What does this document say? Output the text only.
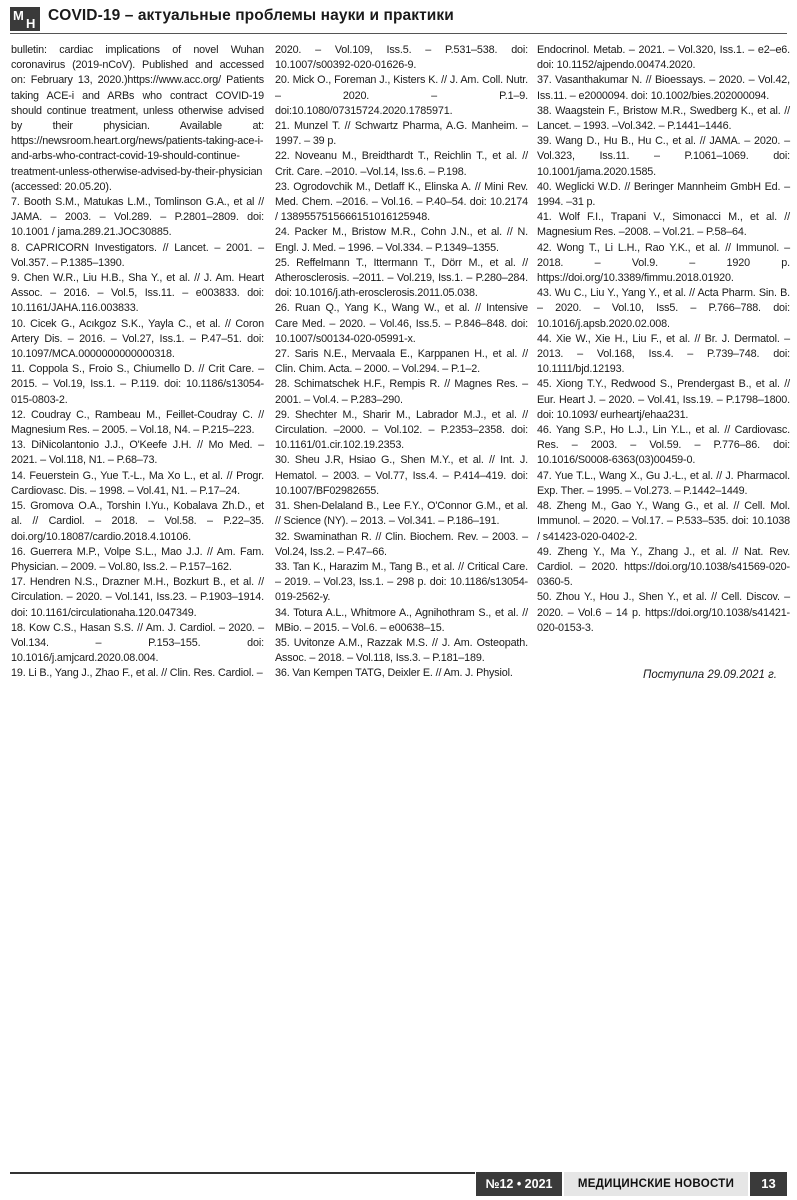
М
Н COVID-19 – актуальные проблемы науки и практики

bulletin: cardiac implications of novel Wuhan coronavirus (2019-nCoV). Published and accessed on: February 13, 2020.)https://www.acc.org/ Patients taking ACE-i and ARBs who contract COVID-19 should continue treatment, unless otherwise advised by their physician. Available at: https://newsroom.heart.org/news/patients-taking-ace-i-and-arbs-who-contract-covid-19-should-continue-treatment-unless-otherwise-advised-by-their-physician (accessed: 20.05.20).

7. Booth S.M., Matukas L.M., Tomlinson G.A., et al // JAMA. – 2003. – Vol.289. – P.2801–2809. doi: 10.1001 / jama.289.21.JOC30885.

8. CAPRICORN Investigators. // Lancet. – 2001. – Vol.357. – P.1385–1390.

9. Chen W.R., Liu H.B., Sha Y., et al. // J. Am. Heart Assoc. – 2016. – Vol.5, Iss.11. – e003833. doi: 10.1161/JAHA.116.003833.

10. Cicek G., Acıkgoz S.K., Yayla C., et al. // Coron Artery Dis. – 2016. – Vol.27, Iss.1. – P.47–51. doi: 10.1097/MCA.0000000000000318.

11. Coppola S., Froio S., Chiumello D. // Crit Care. – 2015. – Vol.19, Iss.1. – P.119. doi: 10.1186/s13054-015-0803-2.

12. Coudray C., Rambeau M., Feillet-Coudray C. // Magnesium Res. – 2005. – Vol.18, N4. – P.215–223.

13. DiNicolantonio J.J., O'Keefe J.H. // Mo Med. – 2021. – Vol.118, N1. – P.68–73.

14. Feuerstein G., Yue T.-L., Ma Xo L., et al. // Progr. Cardiovasc. Dis. – 1998. – Vol.41, N1. – P.17–24.

15. Gromova O.A., Torshin I.Yu., Kobalava Zh.D., et al. // Cardiol. – 2018. – Vol.58. – P.22–35. doi.org/10.18087/cardio.2018.4.10106.

16. Guerrera M.P., Volpe S.L., Mao J.J. // Am. Fam. Physician. – 2009. – Vol.80, Iss.2. – P.157–162.

17. Hendren N.S., Drazner M.H., Bozkurt B., et al. // Circulation. – 2020. – Vol.141, Iss.23. – P.1903–1914. doi: 10.1161/circulationaha.120.047349.

18. Kow C.S., Hasan S.S. // Am. J. Cardiol. – 2020. – Vol.134. – P.153–155. doi: 10.1016/j.amjcard.2020.08.004.

19. Li B., Yang J., Zhao F., et al. // Clin. Res. Cardiol. –

2020. – Vol.109, Iss.5. – P.531–538. doi: 10.1007/s00392-020-01626-9.

20. Mick O., Foreman J., Kisters K. // J. Am. Coll. Nutr. – 2020. – P.1–9. doi:10.1080/07315724.2020.1785971.

21. Munzel T. // Schwartz Pharma, A.G. Manheim. – 1997. – 39 p.

22. Noveanu M., Breidthardt T., Reichlin T., et al. // Crit. Care. –2010. –Vol.14, Iss.6. – P.198.

23. Ogrodovchik M., Detlaff K., Elinska A. // Mini Rev. Med. Chem. –2016. – Vol.16. – P.40–54. doi: 10.2174 / 1389557515666151016125948.

24. Packer M., Bristow M.R., Cohn J.N., et al. // N. Engl. J. Med. – 1996. – Vol.334. – P.1349–1355.

25. Reffelmann T., Ittermann T., Dörr M., et al. // Atherosclerosis. –2011. – Vol.219, Iss.1. – P.280–284. doi: 10.1016/j.ath-erosclerosis.2011.05.038.

26. Ruan Q., Yang K., Wang W., et al. // Intensive Care Med. – 2020. – Vol.46, Iss.5. – P.846–848. doi: 10.1007/s00134-020-05991-x.

27. Saris N.E., Mervaala E., Karppanen H., et al. // Clin. Chim. Acta. – 2000. – Vol.294. – P.1–2.

28. Schimatschek H.F., Rempis R. // Magnes Res. – 2001. – Vol.4. – P.283–290.

29. Shechter M., Sharir M., Labrador M.J., et al. // Circulation. –2000. – Vol.102. – P.2353–2358. doi: 10.1161/01.cir.102.19.2353.

30. Sheu J.R, Hsiao G., Shen M.Y., et al. // Int. J. Hematol. – 2003. – Vol.77, Iss.4. – P.414–419. doi: 10.1007/BF02982655.

31. Shen-Delaland B., Lee F.Y., O'Connor G.M., et al. // Science (NY). – 2013. – Vol.341. – P.186–191.

32. Swaminathan R. // Clin. Biochem. Rev. – 2003. – Vol.24, Iss.2. – P.47–66.

33. Tan K., Harazim M., Tang B., et al. // Critical Care. – 2019. – Vol.23, Iss.1. – 298 p. doi: 10.1186/s13054-019-2562-y.

34. Totura A.L., Whitmore A., Agnihothram S., et al. // MBio. – 2015. – Vol.6. – e00638–15.

35. Uvitonze A.M., Razzak M.S. // J. Am. Osteopath. Assoc. – 2018. – Vol.118, Iss.3. – P.181–189.

36. Van Kempen TATG, Deixler E. // Am. J. Physiol.

Endocrinol. Metab. – 2021. – Vol.320, Iss.1. – e2–e6. doi: 10.1152/ajpendo.00474.2020.

37. Vasanthakumar N. // Bioessays. – 2020. – Vol.42, Iss.11. – e2000094. doi: 10.1002/bies.202000094.

38. Waagstein F., Bristow M.R., Swedberg K., et al. // Lancet. – 1993. –Vol.342. – P.1441–1446.

39. Wang D., Hu B., Hu C., et al. // JAMA. – 2020. – Vol.323, Iss.11. – P.1061–1069. doi: 10.1001/jama.2020.1585.

40. Weglicki W.D. // Beringer Mannheim GmbH Ed. – 1994. –31 p.

41. Wolf F.I., Trapani V., Simonacci M., et al. // Magnesium Res. –2008. – Vol.21. – P.58–64.

42. Wong T., Li L.H., Rao Y.K., et al. // Immunol. – 2018. – Vol.9. – 1920 p. https://doi.org/10.3389/fimmu.2018.01920.

43. Wu C., Liu Y., Yang Y., et al. // Acta Pharm. Sin. B. – 2020. – Vol.10, Iss5. – P.766–788. doi: 10.1016/j.apsb.2020.02.008.

44. Xie W., Xie H., Liu F., et al. // Br. J. Dermatol. – 2013. – Vol.168, Iss.4. – P.739–748. doi: 10.1111/bjd.12193.

45. Xiong T.Y., Redwood S., Prendergast B., et al. // Eur. Heart J. – 2020. – Vol.41, Iss.19. – P.1798–1800. doi: 10.1093/ eurheartj/ehaa231.

46. Yang S.P., Ho L.J., Lin Y.L., et al. // Cardiovasc. Res. – 2003. – Vol.59. – P.776–86. doi: 10.1016/S0008-6363(03)00459-0.

47. Yue T.L., Wang X., Gu J.-L., et al. // J. Pharmacol. Exp. Ther. – 1995. – Vol.273. – P.1442–1449.

48. Zheng M., Gao Y., Wang G., et al. // Cell. Mol. Immunol. – 2020. – Vol.17. – P.533–535. doi: 10.1038 / s41423-020-0402-2.

49. Zheng Y., Ma Y., Zhang J., et al. // Nat. Rev. Cardiol. – 2020. https://doi.org/10.1038/s41569-020-0360-5.

50. Zhou Y., Hou J., Shen Y., et al. // Cell. Discov. – 2020. – Vol.6 – 14 p. https://doi.org/10.1038/s41421-020-0153-3.

Поступила 29.09.2021 г.
№12 • 2021	МЕДИЦИНСКИЕ НОВОСТИ	13
